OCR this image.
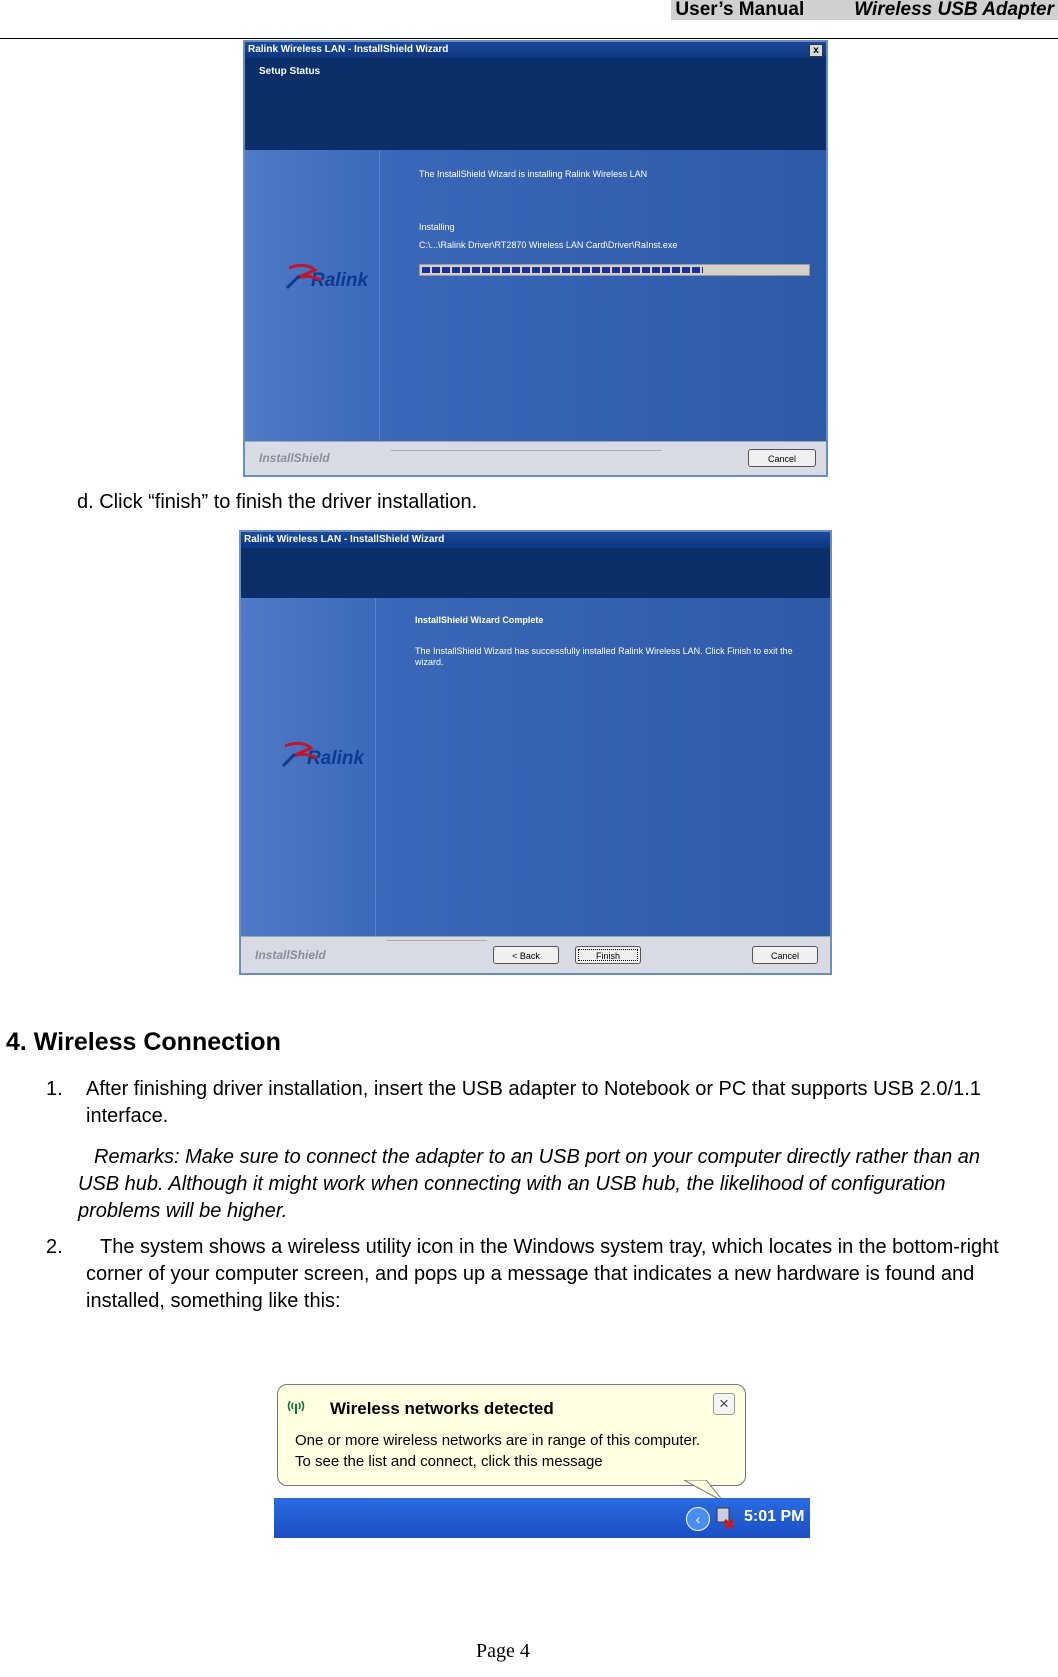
User’s Manual	Wireless USB Adapter
Ralink Wireless LAN - InstallShield Wizard	x
Setup Status
Ralink
The InstallShield Wizard is installing Ralink Wireless LAN
Installing
C:\...\Ralink Driver\RT2870 Wireless LAN Card\Driver\RaInst.exe
InstallShield	Cancel
d. Click “finish” to finish the driver installation.
Ralink Wireless LAN - InstallShield Wizard
Ralink
InstallShield Wizard Complete
The InstallShield Wizard has successfully installed Ralink Wireless LAN. Click Finish to exit the wizard.
InstallShield	< Back	Finish	Cancel
4. Wireless Connection
1. After finishing driver installation, insert the USB adapter to Notebook or PC that supports USB 2.0/1.1 interface.
Remarks: Make sure to connect the adapter to an USB port on your computer directly rather than an USB hub. Although it might work when connecting with an USB hub, the likelihood of configuration problems will be higher.
2.	The system shows a wireless utility icon in the Windows system tray, which locates in the bottom-right corner of your computer screen, and pops up a message that indicates a new hardware is found and installed, something like this:
Wireless networks detected	×
One or more wireless networks are in range of this computer.
To see the list and connect, click this message
‹	5:01 PM
Page 4
